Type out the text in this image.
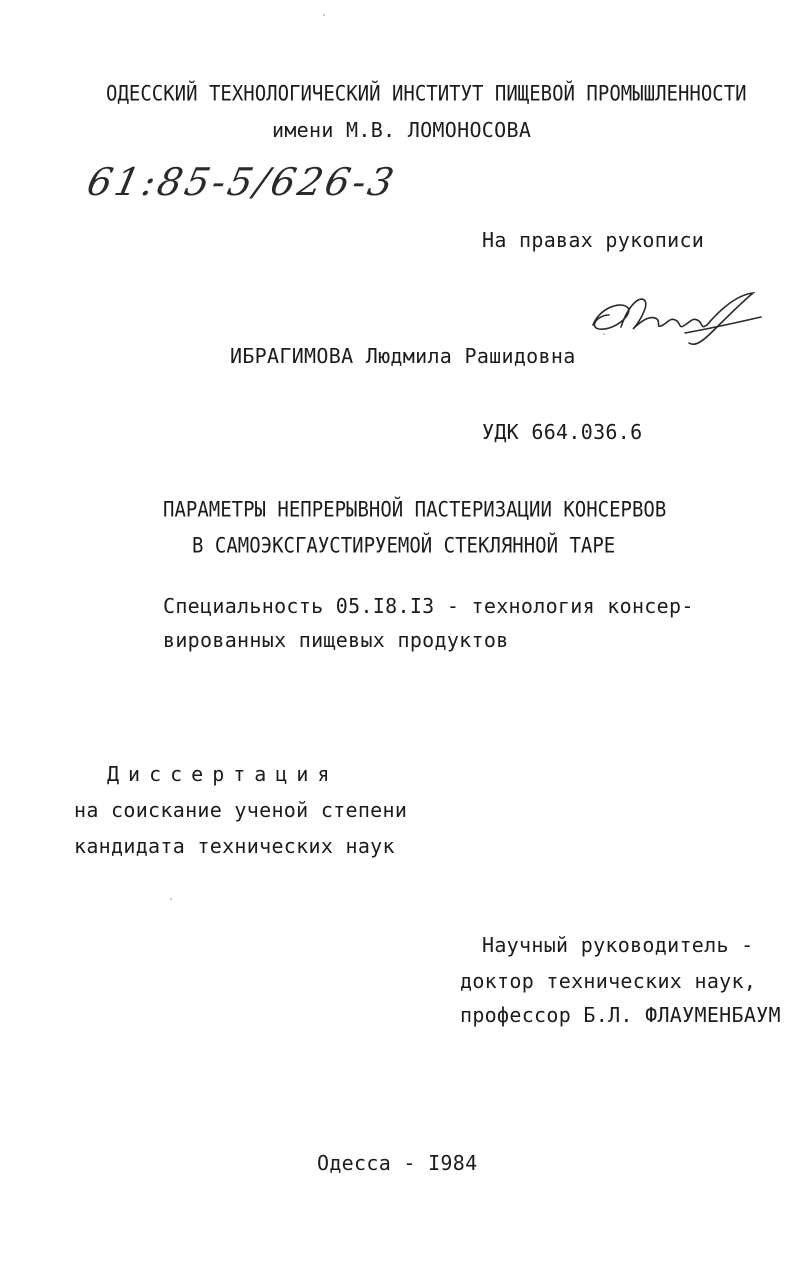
ОДЕССКИЙ ТЕХНОЛОГИЧЕСКИЙ ИНСТИТУТ ПИЩЕВОЙ ПРОМЫШЛЕННОСТИ
имени М.В. ЛОМОНОСОВА
61:85-5/626-3
На правах рукописи
ИБРАГИМОВА Людмила Рашидовна
УДК 664.036.6
ПАРАМЕТРЫ НЕПРЕРЫВНОЙ ПАСТЕРИЗАЦИИ КОНСЕРВОВ
В САМОЭКСГАУСТИРУЕМОЙ СТЕКЛЯННОЙ ТАРЕ
Специальность 05.I8.I3 - технология консер-
вированных пищевых продуктов
Диссертация
на соискание ученой степени
кандидата технических наук
Научный руководитель -
доктор технических наук,
профессор Б.Л. ФЛАУМЕНБАУМ
Одесса - I984
